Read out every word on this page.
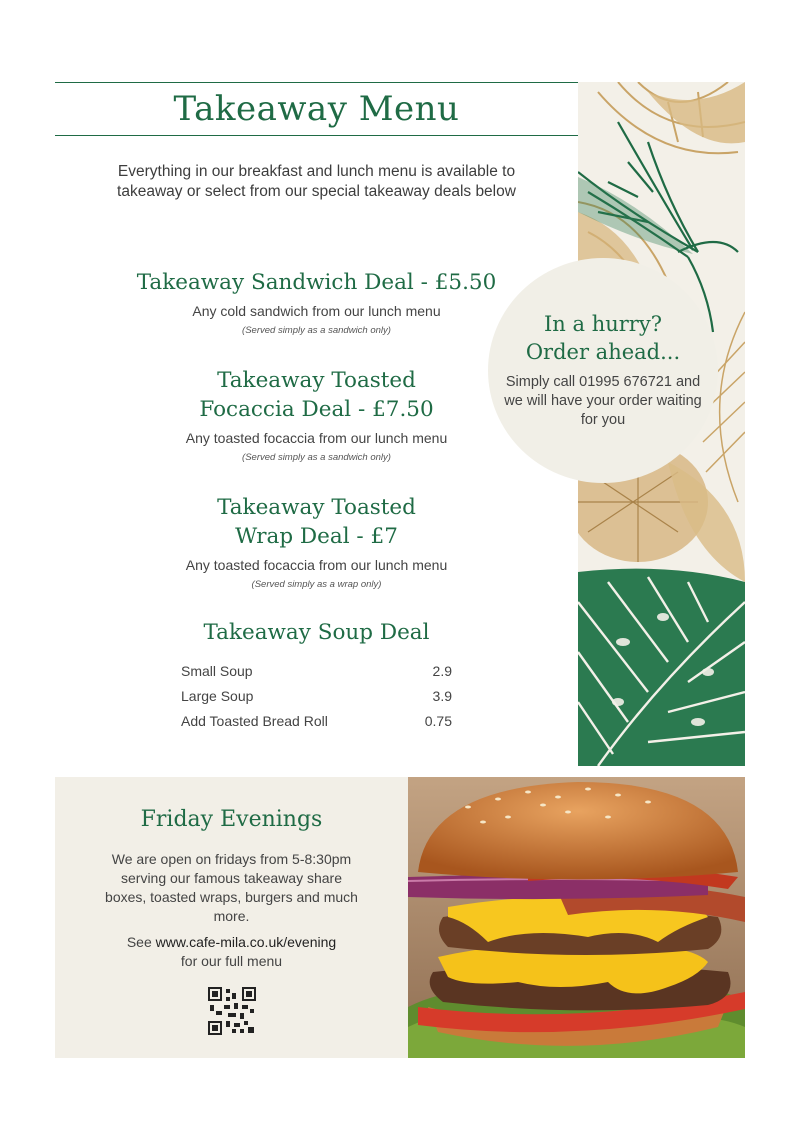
Takeaway Menu
Everything in our breakfast and lunch menu is available to takeaway or select from our special takeaway deals below
Takeaway Sandwich Deal - £5.50
Any cold sandwich from our lunch menu
(Served simply as a sandwich only)
Takeaway Toasted
Focaccia Deal - £7.50
Any toasted focaccia from our lunch menu
(Served simply as a sandwich only)
Takeaway Toasted
Wrap Deal - £7
Any toasted focaccia from our lunch menu
(Served simply as a wrap only)
Takeaway Soup Deal
Small Soup	2.9
Large Soup	3.9
Add Toasted Bread Roll	0.75
In a hurry?
Order ahead...
Simply call 01995 676721 and we will have your order waiting for you
Friday Evenings
We are open on fridays from 5-8:30pm serving our famous takeaway share boxes, toasted wraps, burgers and much more.
See www.cafe-mila.co.uk/evening
for our full menu
